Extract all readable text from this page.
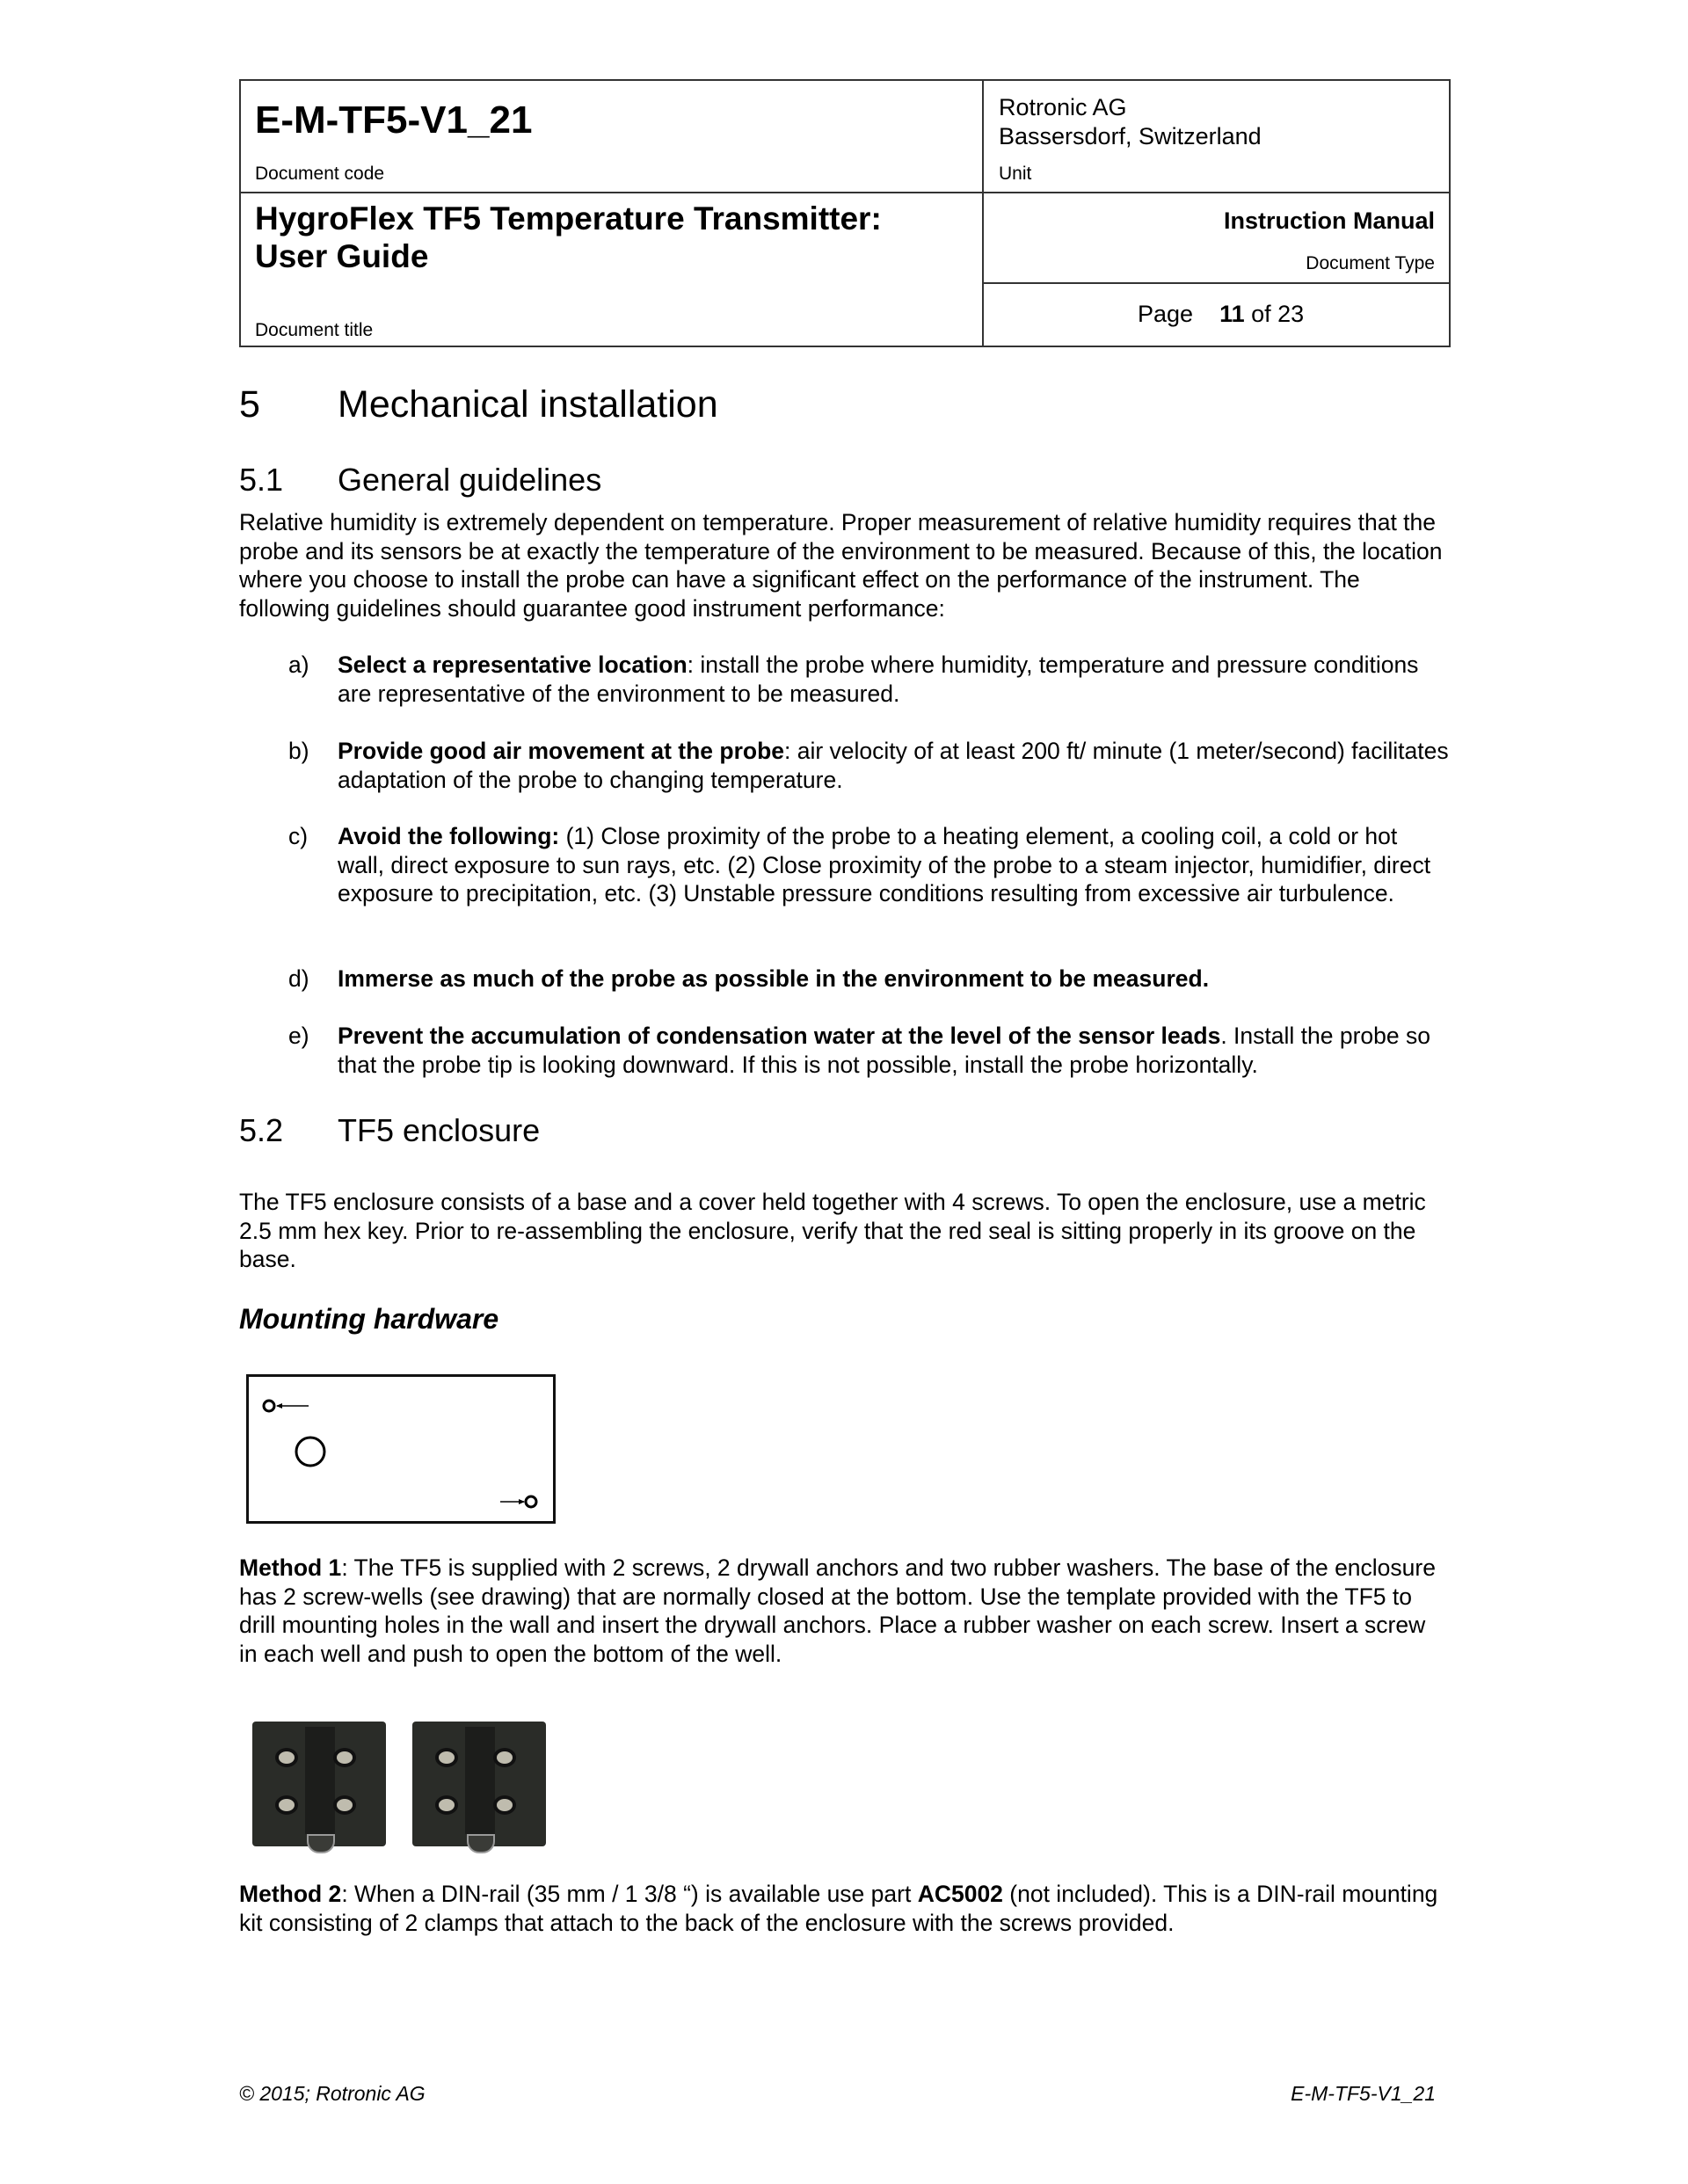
E-M-TF5-V1_21
Document code
Rotronic AG
Bassersdorf, Switzerland
Unit
HygroFlex TF5 Temperature Transmitter:
User Guide
Document title
Instruction Manual
Document Type
Page 11 of 23
5 Mechanical installation
5.1 General guidelines

Relative humidity is extremely dependent on temperature. Proper measurement of relative humidity requires that the probe and its sensors be at exactly the temperature of the environment to be measured. Because of this, the location where you choose to install the probe can have a significant effect on the performance of the instrument. The following guidelines should guarantee good instrument performance:

a) Select a representative location: install the probe where humidity, temperature and pressure conditions are representative of the environment to be measured.
b) Provide good air movement at the probe: air velocity of at least 200 ft/ minute (1 meter/second) facilitates adaptation of the probe to changing temperature.
c) Avoid the following: (1) Close proximity of the probe to a heating element, a cooling coil, a cold or hot wall, direct exposure to sun rays, etc. (2) Close proximity of the probe to a steam injector, humidifier, direct exposure to precipitation, etc. (3) Unstable pressure conditions resulting from excessive air turbulence.
d) Immerse as much of the probe as possible in the environment to be measured.
e) Prevent the accumulation of condensation water at the level of the sensor leads. Install the probe so that the probe tip is looking downward. If this is not possible, install the probe horizontally.
5.2 TF5 enclosure

The TF5 enclosure consists of a base and a cover held together with 4 screws. To open the enclosure, use a metric 2.5 mm hex key. Prior to re-assembling the enclosure, verify that the red seal is sitting properly in its groove on the base.

Mounting hardware

Method 1: The TF5 is supplied with 2 screws, 2 drywall anchors and two rubber washers. The base of the enclosure has 2 screw-wells (see drawing) that are normally closed at the bottom. Use the template provided with the TF5 to drill mounting holes in the wall and insert the drywall anchors. Place a rubber washer on each screw. Insert a screw in each well and push to open the bottom of the well.

Method 2: When a DIN-rail (35 mm / 1 3/8 “) is available use part AC5002 (not included). This is a DIN-rail mounting kit consisting of 2 clamps that attach to the back of the enclosure with the screws provided.

© 2015; Rotronic AG	E-M-TF5-V1_21
